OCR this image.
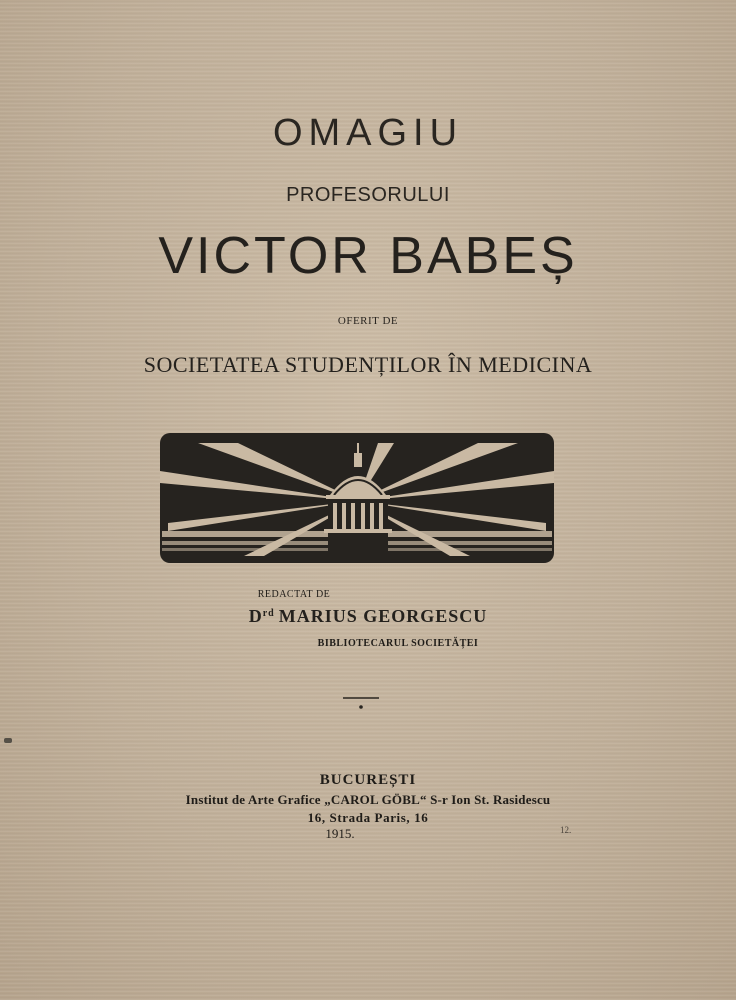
OMAGIU
PROFESORULUI
VICTOR BABEȘ
OFERIT DE
SOCIETATEA STUDENȚILOR ÎN MEDICINA
REDACTAT DE
Drd MARIUS GEORGESCU
BIBLIOTECARUL SOCIETĂȚEI
BUCUREȘTI
Institut de Arte Grafice „CAROL GÖBL“ S-r Ion St. Rasidescu
16, Strada Paris, 16
1915.	12.
